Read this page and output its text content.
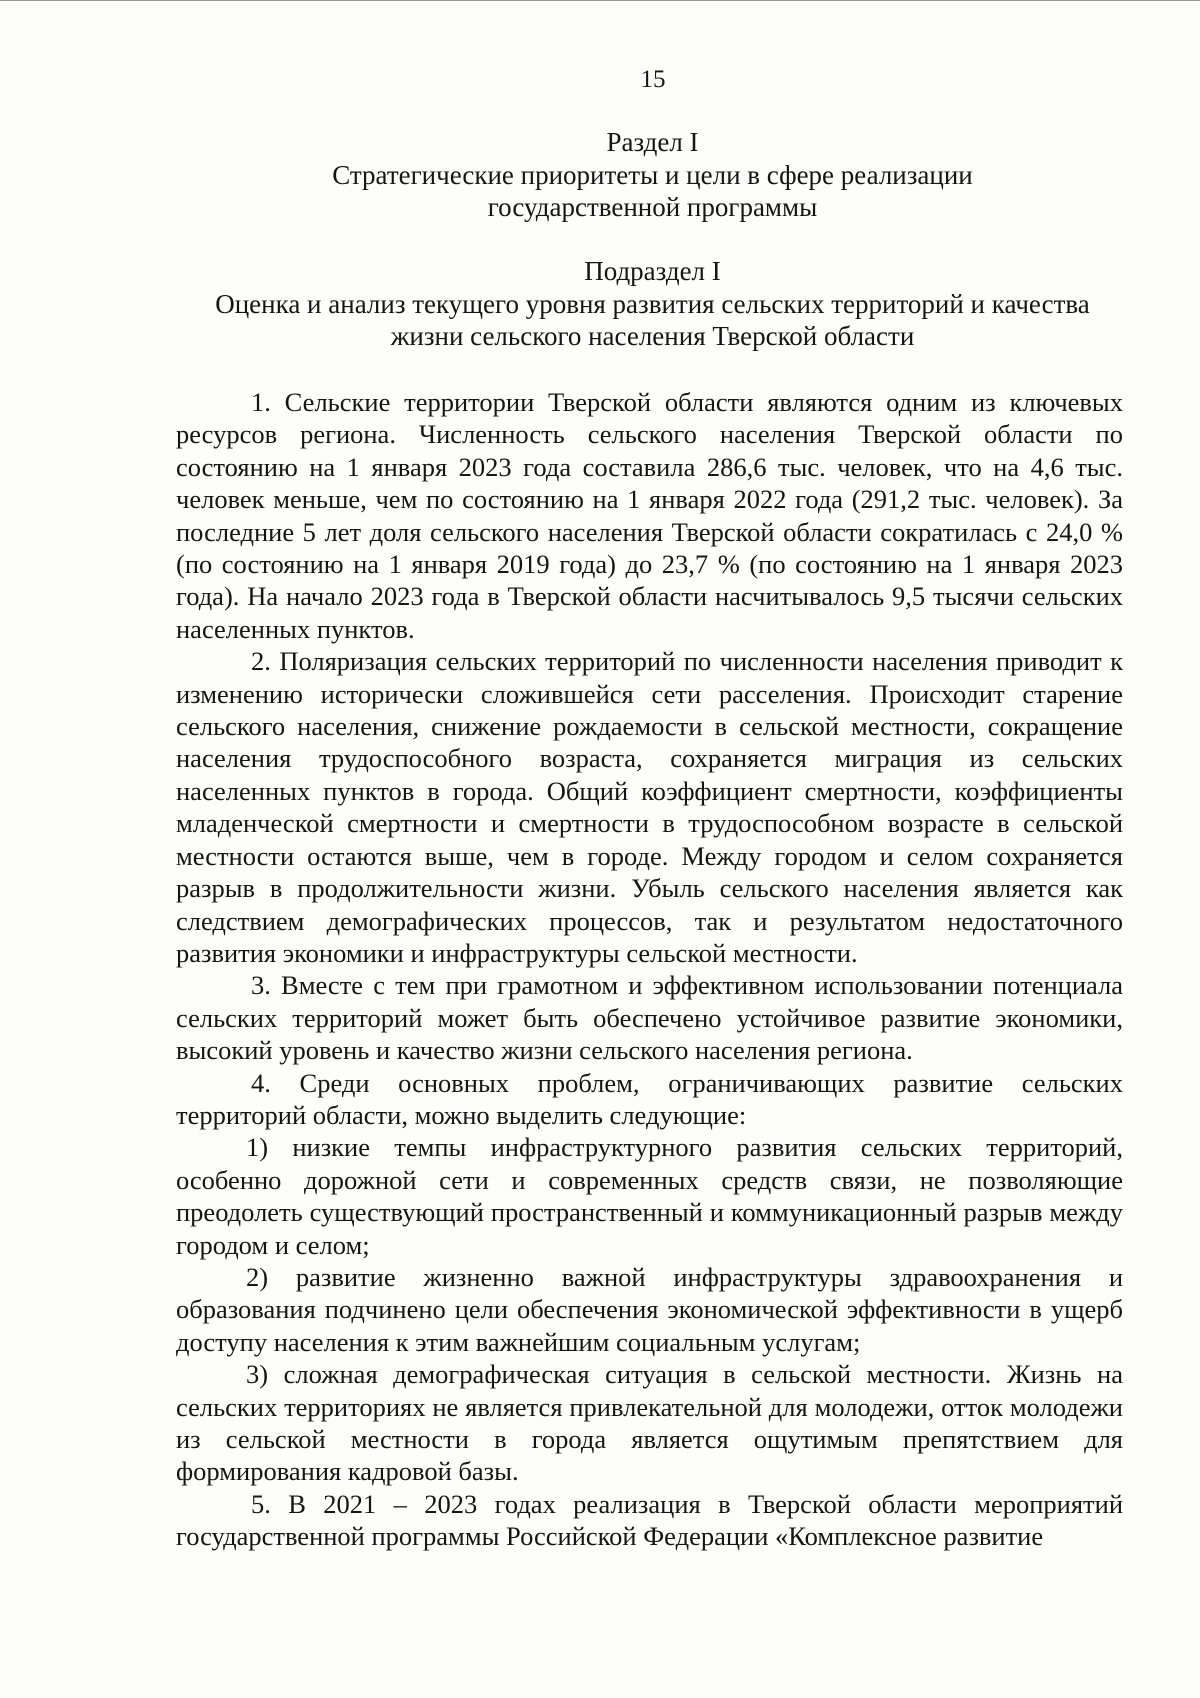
15
Раздел I
Стратегические приоритеты и цели в сфере реализации
государственной программы
Подраздел I
Оценка и анализ текущего уровня развития сельских территорий и качества
жизни сельского населения Тверской области

1. Сельские территории Тверской области являются одним из ключевых ресурсов региона. Численность сельского населения Тверской области по состоянию на 1 января 2023 года составила 286,6 тыс. человек, что на 4,6 тыс. человек меньше, чем по состоянию на 1 января 2022 года (291,2 тыс. человек). За последние 5 лет доля сельского населения Тверской области сократилась с 24,0 % (по состоянию на 1 января 2019 года) до 23,7 % (по состоянию на 1 января 2023 года). На начало 2023 года в Тверской области насчитывалось 9,5 тысячи сельских населенных пунктов.

2. Поляризация сельских территорий по численности населения приводит к изменению исторически сложившейся сети расселения. Происходит старение сельского населения, снижение рождаемости в сельской местности, сокращение населения трудоспособного возраста, сохраняется миграция из сельских населенных пунктов в города. Общий коэффициент смертности, коэффициенты младенческой смертности и смертности в трудоспособном возрасте в сельской местности остаются выше, чем в городе. Между городом и селом сохраняется разрыв в продолжительности жизни. Убыль сельского населения является как следствием демографических процессов, так и результатом недостаточного развития экономики и инфраструктуры сельской местности.

3. Вместе с тем при грамотном и эффективном использовании потенциала сельских территорий может быть обеспечено устойчивое развитие экономики, высокий уровень и качество жизни сельского населения региона.

4. Среди основных проблем, ограничивающих развитие сельских территорий области, можно выделить следующие:

1) низкие темпы инфраструктурного развития сельских территорий, особенно дорожной сети и современных средств связи, не позволяющие преодолеть существующий пространственный и коммуникационный разрыв между городом и селом;

2) развитие жизненно важной инфраструктуры здравоохранения и образования подчинено цели обеспечения экономической эффективности в ущерб доступу населения к этим важнейшим социальным услугам;

3) сложная демографическая ситуация в сельской местности. Жизнь на сельских территориях не является привлекательной для молодежи, отток молодежи из сельской местности в города является ощутимым препятствием для формирования кадровой базы.

5. В 2021 – 2023 годах реализация в Тверской области мероприятий государственной программы Российской Федерации «Комплексное развитие
